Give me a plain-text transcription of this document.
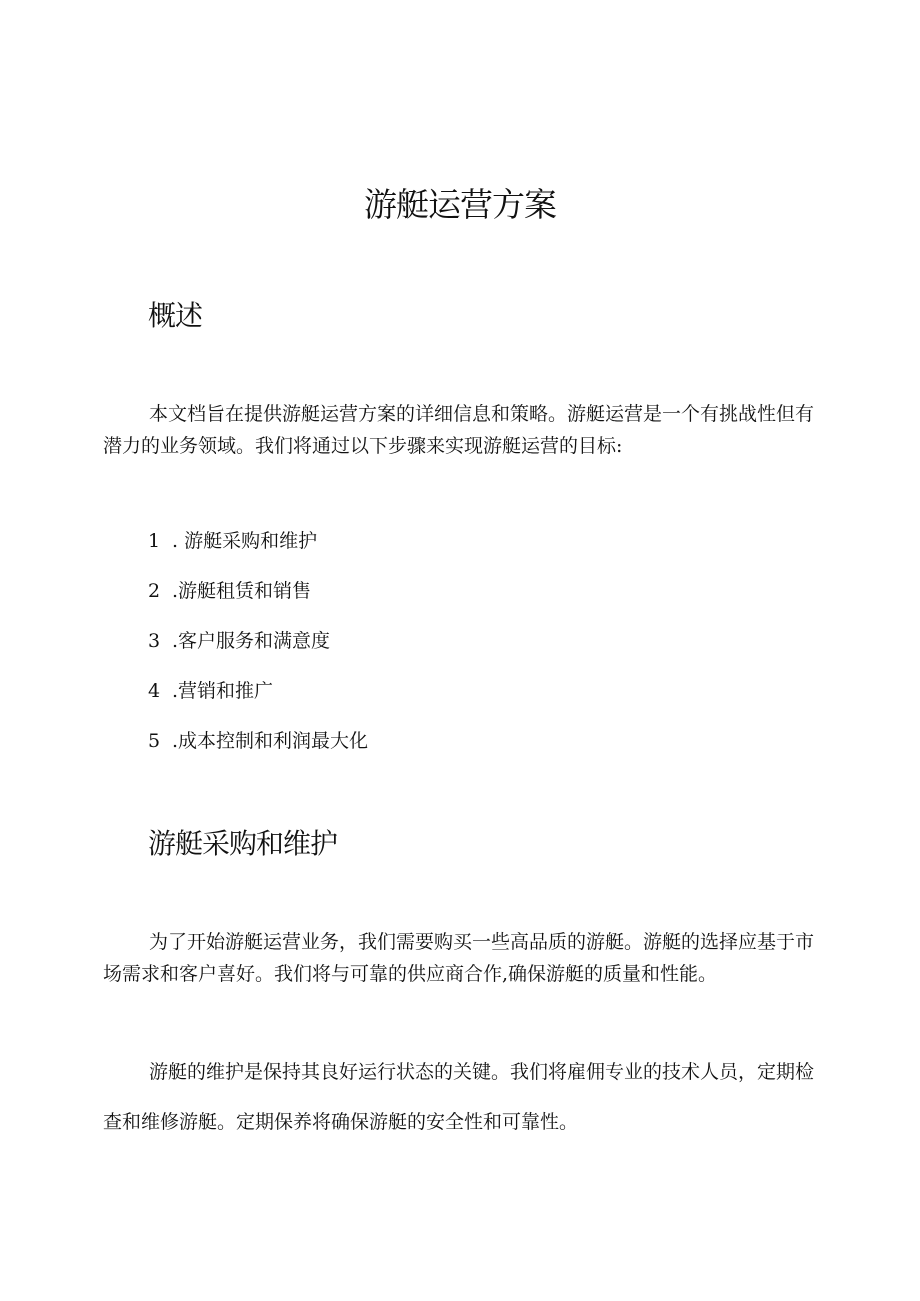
游艇运营方案
概述

本文档旨在提供游艇运营方案的详细信息和策略。游艇运营是一个有挑战性但有潜力的业务领域。我们将通过以下步骤来实现游艇运营的目标:

1 . 游艇采购和维护
2 .游艇租赁和销售
3 .客户服务和满意度
4 .营销和推广
5 .成本控制和利润最大化
游艇采购和维护

为了开始游艇运营业务，我们需要购买一些高品质的游艇。游艇的选择应基于市场需求和客户喜好。我们将与可靠的供应商合作,确保游艇的质量和性能。

游艇的维护是保持其良好运行状态的关键。我们将雇佣专业的技术人员，定期检查和维修游艇。定期保养将确保游艇的安全性和可靠性。
